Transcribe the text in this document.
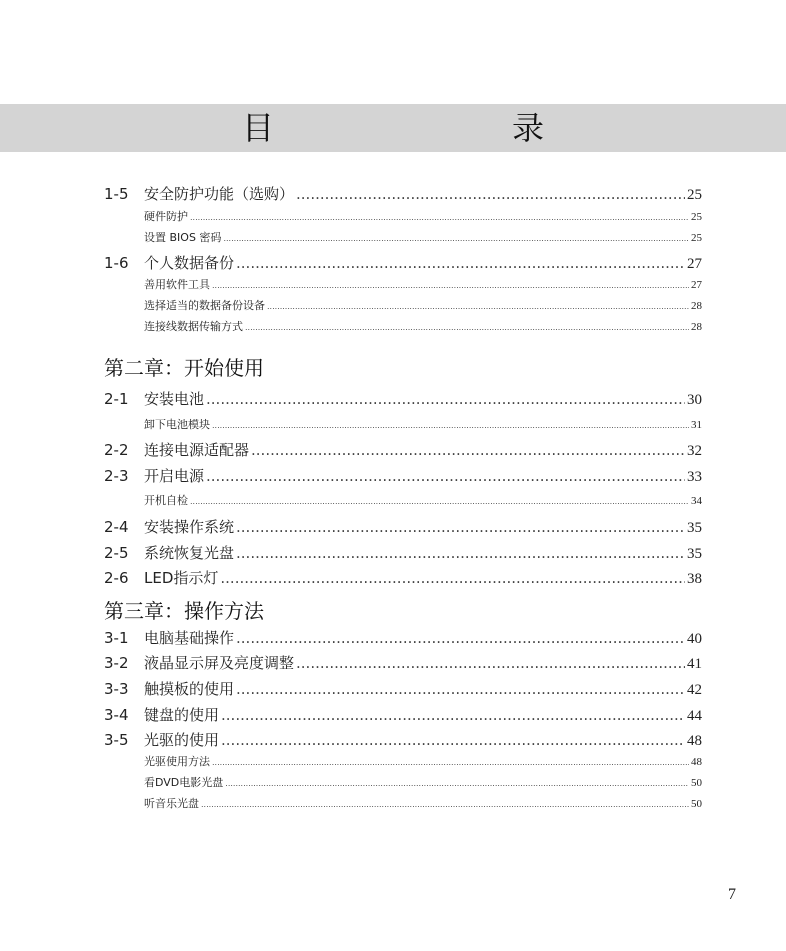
目　　录
1-5	安全防护功能（选购） .....	25
硬件防护 .....	25
设置 BIOS 密码 .....	25
1-6	个人数据备份 .....	27
善用软件工具 .....	27
选择适当的数据备份设备 .....	28
连接线数据传输方式 .....	28
第二章：开始使用
2-1	安装电池 .....	30
卸下电池模块 .....	31
2-2	连接电源适配器 .....	32
2-3	开启电源 .....	33
开机自检 .....	34
2-4	安装操作系统 .....	35
2-5	系统恢复光盘 .....	35
2-6	LED指示灯 .....	38
第三章：操作方法
3-1	电脑基础操作 .....	40
3-2	液晶显示屏及亮度调整 .....	41
3-3	触摸板的使用 .....	42
3-4	键盘的使用 .....	44
3-5	光驱的使用 .....	48
光驱使用方法 .....	48
看DVD电影光盘 .....	50
听音乐光盘 .....	50
7
